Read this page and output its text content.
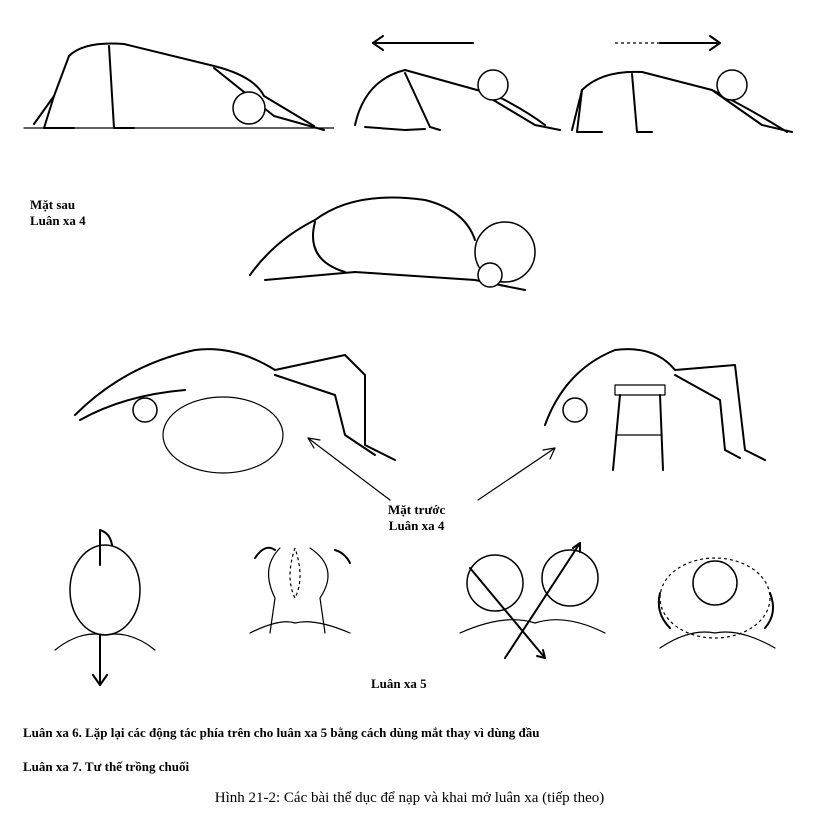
Mặt sau
Luân xa 4
Mặt trước
Luân xa 4
Luân xa 5
Luân xa 6. Lặp lại các động tác phía trên cho luân xa 5 bằng cách dùng mắt thay vì dùng đầu
Luân xa 7. Tư thế trồng chuối
Hình 21-2: Các bài thể dục để nạp và khai mở luân xa (tiếp theo)
